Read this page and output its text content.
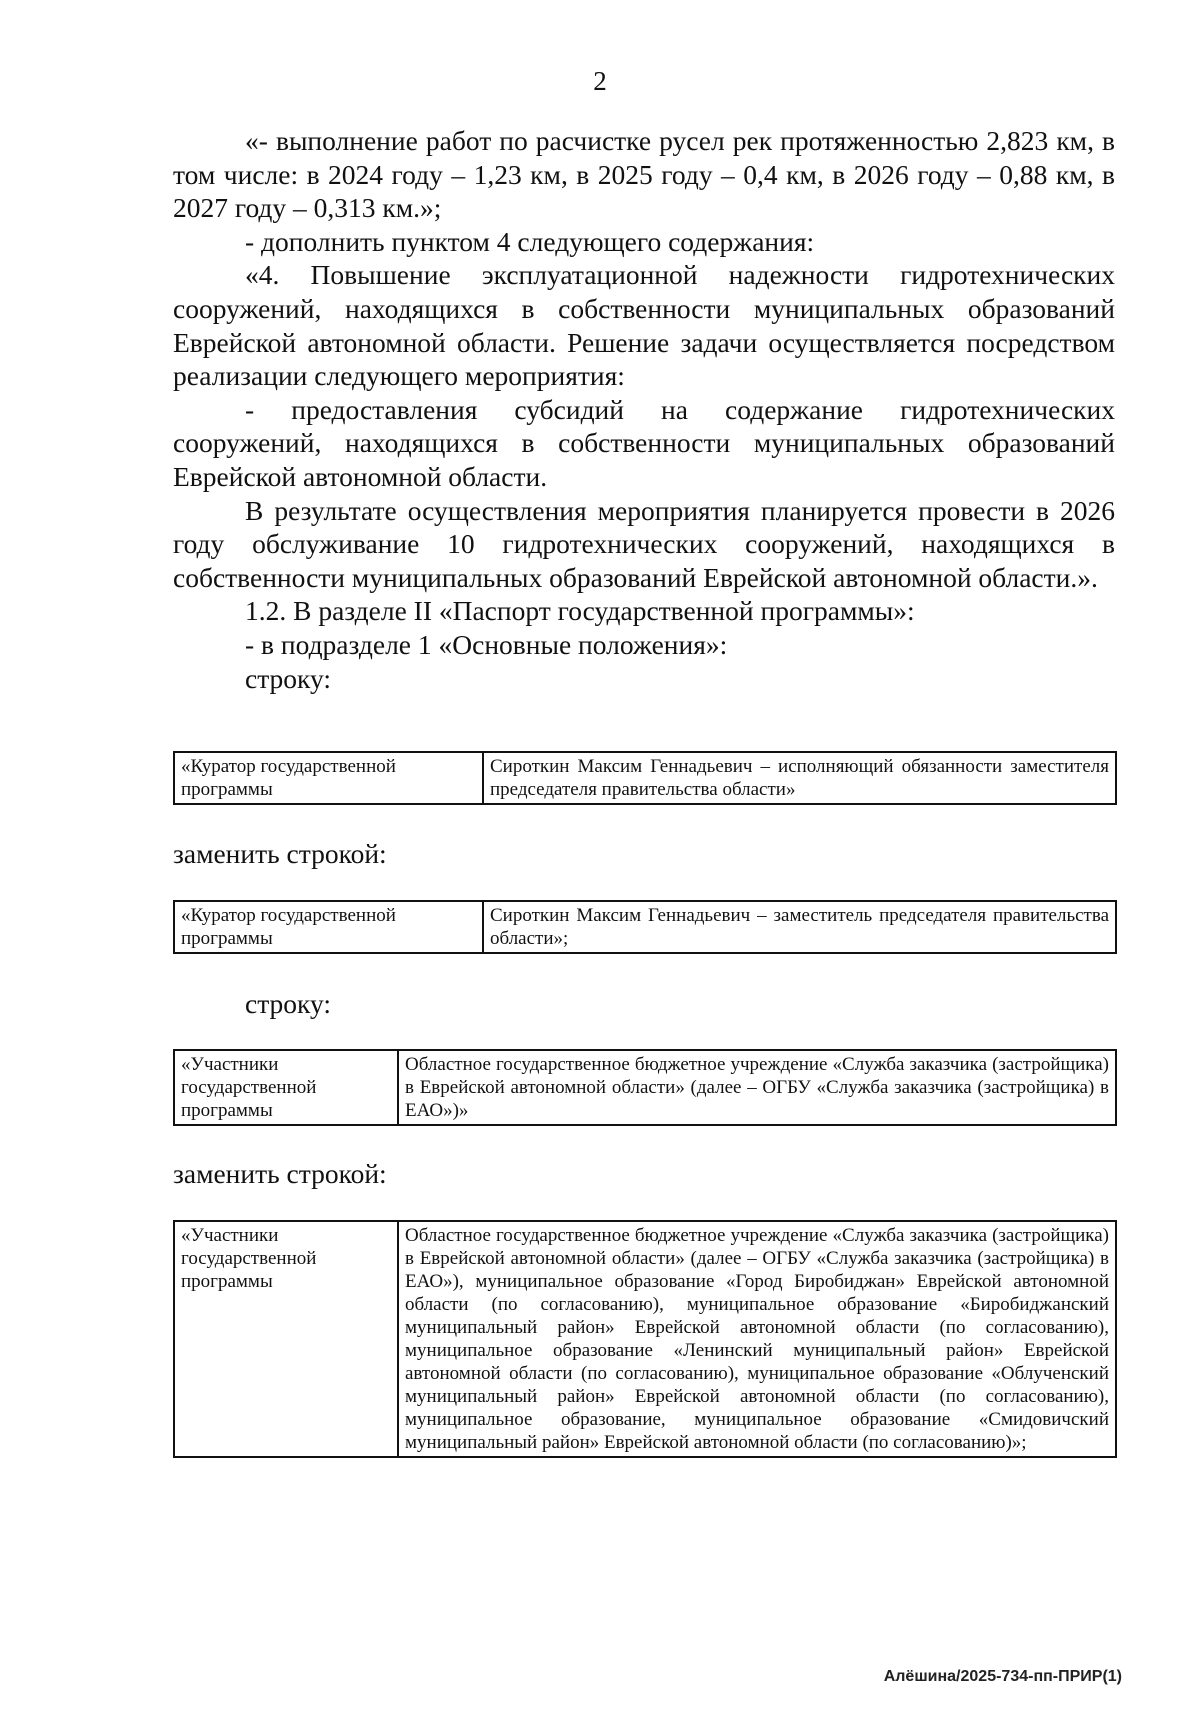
2

«- выполнение работ по расчистке русел рек протяженностью 2,823 км, в том числе: в 2024 году – 1,23 км, в 2025 году – 0,4 км, в 2026 году – 0,88 км, в 2027 году – 0,313 км.»;

- дополнить пунктом 4 следующего содержания:

«4. Повышение эксплуатационной надежности гидротехнических сооружений, находящихся в собственности муниципальных образований Еврейской автономной области. Решение задачи осуществляется посредством реализации следующего мероприятия:

- предоставления субсидий на содержание гидротехнических сооружений, находящихся в собственности муниципальных образований Еврейской автономной области.

В результате осуществления мероприятия планируется провести в 2026 году обслуживание 10 гидротехнических сооружений, находящихся в собственности муниципальных образований Еврейской автономной области.».

1.2. В разделе II «Паспорт государственной программы»:

- в подразделе 1 «Основные положения»:

строку:

«Куратор государственной программы	Сироткин Максим Геннадьевич – исполняющий обязанности заместителя председателя правительства области»
заменить строкой:
«Куратор государственной программы	Сироткин Максим Геннадьевич – заместитель председателя правительства области»;
строку:
«Участники государственной программы	Областное государственное бюджетное учреждение «Служба заказчика (застройщика) в Еврейской автономной области» (далее – ОГБУ «Служба заказчика (застройщика) в ЕАО»)»
заменить строкой:
«Участники государственной программы	Областное государственное бюджетное учреждение «Служба заказчика (застройщика) в Еврейской автономной области» (далее – ОГБУ «Служба заказчика (застройщика) в ЕАО»), муниципальное образование «Город Биробиджан» Еврейской автономной области (по согласованию), муниципальное образование «Биробиджанский муниципальный район» Еврейской автономной области (по согласованию), муниципальное образование «Ленинский муниципальный район» Еврейской автономной области (по согласованию), муниципальное образование «Облученский муниципальный район» Еврейской автономной области (по согласованию), муниципальное образование, муниципальное образование «Смидовичский муниципальный район» Еврейской автономной области (по согласованию)»;
Алёшина/2025-734-пп-ПРИР(1)
